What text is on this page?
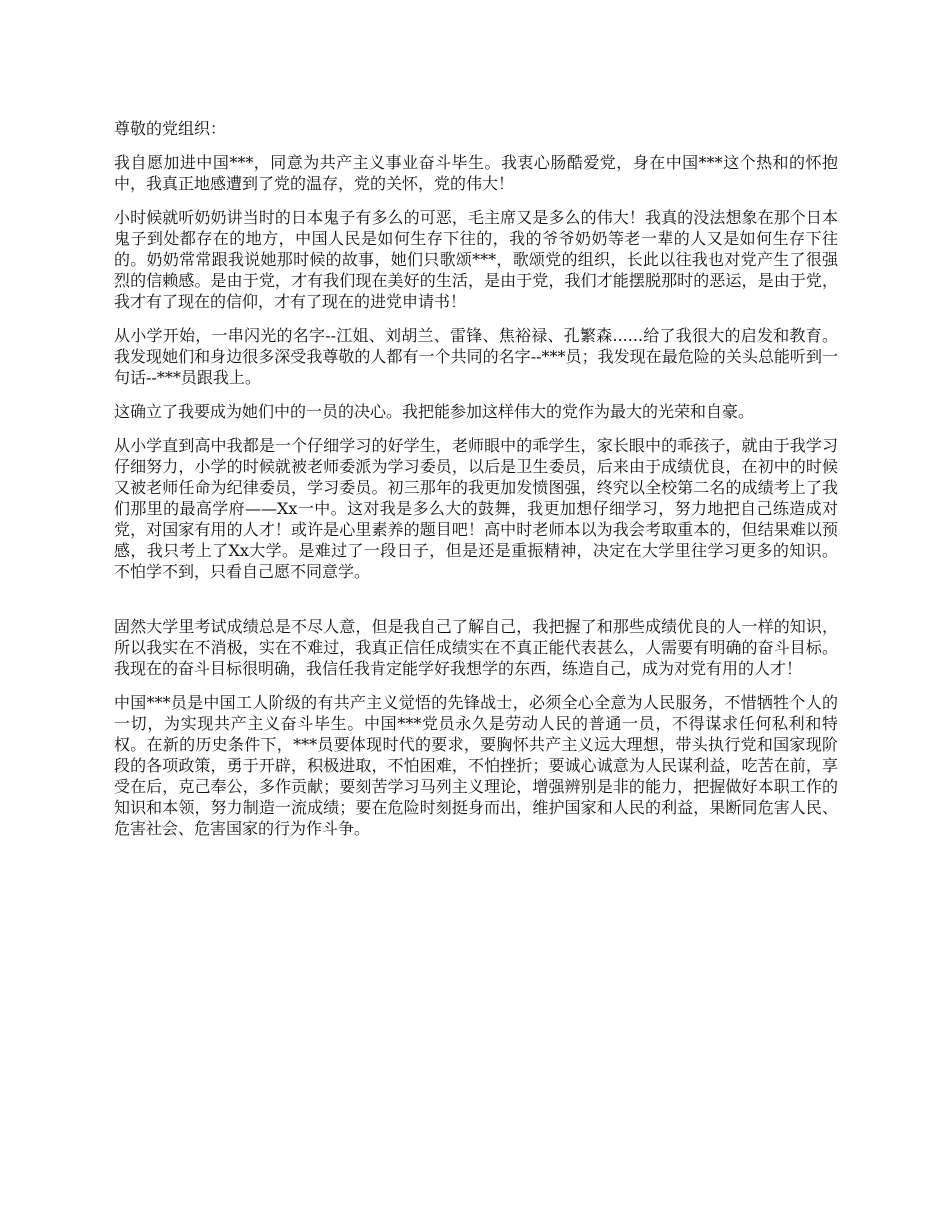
尊敬的党组织：

我自愿加进中国***，同意为共产主义事业奋斗毕生。我衷心肠酷爱党，身在中国***这个热和的怀抱中，我真正地感遭到了党的温存，党的关怀，党的伟大！

小时候就听奶奶讲当时的日本鬼子有多么的可恶，毛主席又是多么的伟大！我真的没法想象在那个日本鬼子到处都存在的地方，中国人民是如何生存下往的，我的爷爷奶奶等老一辈的人又是如何生存下往的。奶奶常常跟我说她那时候的故事，她们只歌颂***，歌颂党的组织，长此以往我也对党产生了很强烈的信赖感。是由于党，才有我们现在美好的生活，是由于党，我们才能摆脱那时的恶运，是由于党，我才有了现在的信仰，才有了现在的进党申请书！

从小学开始，一串闪光的名字--江姐、刘胡兰、雷锋、焦裕禄、孔繁森......给了我很大的启发和教育。我发现她们和身边很多深受我尊敬的人都有一个共同的名字--***员；我发现在最危险的关头总能听到一句话--***员跟我上。

这确立了我要成为她们中的一员的决心。我把能参加这样伟大的党作为最大的光荣和自豪。

从小学直到高中我都是一个仔细学习的好学生，老师眼中的乖学生，家长眼中的乖孩子，就由于我学习仔细努力，小学的时候就被老师委派为学习委员，以后是卫生委员，后来由于成绩优良，在初中的时候又被老师任命为纪律委员，学习委员。初三那年的我更加发愤图强，终究以全校第二名的成绩考上了我们那里的最高学府——Xx一中。这对我是多么大的鼓舞，我更加想仔细学习，努力地把自己练造成对党，对国家有用的人才！或许是心里素养的题目吧！高中时老师本以为我会考取重本的，但结果难以预感，我只考上了Xx大学。是难过了一段日子，但是还是重振精神，决定在大学里往学习更多的知识。不怕学不到，只看自己愿不同意学。

固然大学里考试成绩总是不尽人意，但是我自己了解自己，我把握了和那些成绩优良的人一样的知识，所以我实在不消极，实在不难过，我真正信任成绩实在不真正能代表甚么，人需要有明确的奋斗目标。我现在的奋斗目标很明确，我信任我肯定能学好我想学的东西，练造自己，成为对党有用的人才！

中国***员是中国工人阶级的有共产主义觉悟的先锋战士，必须全心全意为人民服务，不惜牺牲个人的一切，为实现共产主义奋斗毕生。中国***党员永久是劳动人民的普通一员，不得谋求任何私利和特权。在新的历史条件下，***员要体现时代的要求，要胸怀共产主义远大理想，带头执行党和国家现阶段的各项政策，勇于开辟，积极进取，不怕困难，不怕挫折；要诚心诚意为人民谋利益，吃苦在前，享受在后，克己奉公，多作贡献；要刻苦学习马列主义理论，增强辨别是非的能力，把握做好本职工作的知识和本领，努力制造一流成绩；要在危险时刻挺身而出，维护国家和人民的利益，果断同危害人民、危害社会、危害国家的行为作斗争。
